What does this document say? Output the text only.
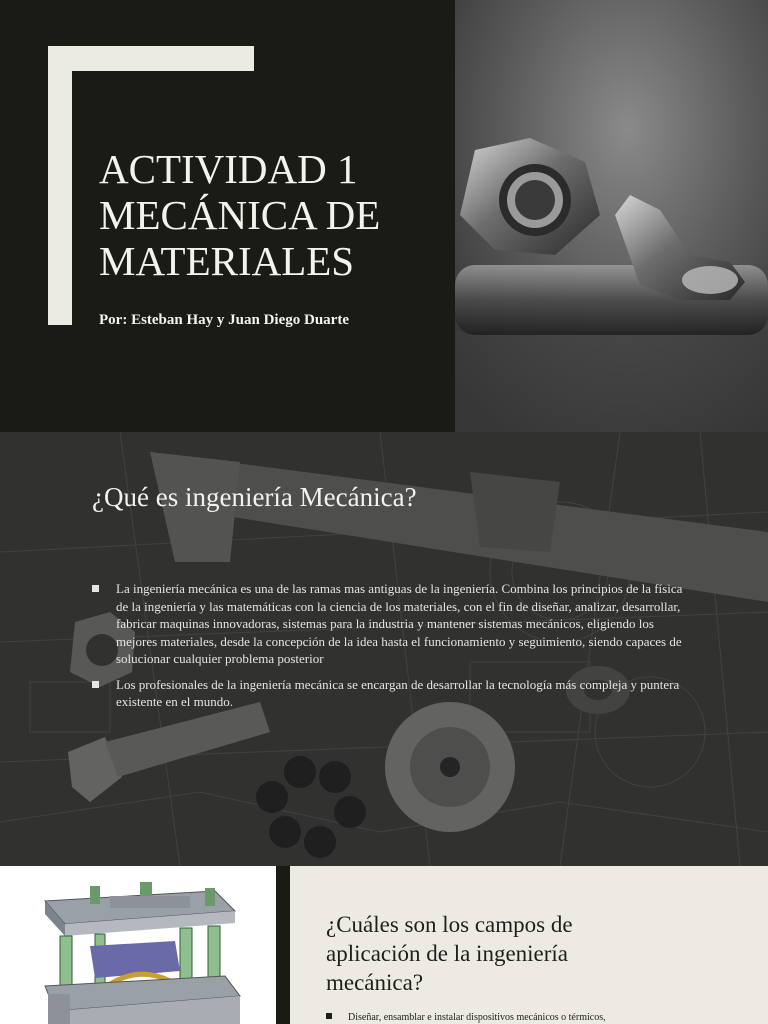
ACTIVIDAD 1
MECÁNICA DE
MATERIALES
Por: Esteban Hay y Juan Diego Duarte
¿Qué es ingeniería Mecánica?
La ingeniería mecánica es una de las ramas mas antiguas de la ingeniería. Combina los principios de la física de la ingeniería y las matemáticas con la ciencia de los materiales, con el fin de diseñar, analizar, desarrollar, fabricar maquinas innovadoras, sistemas para la industria y mantener sistemas mecánicos, eligiendo los mejores materiales, desde la concepción de la idea hasta el funcionamiento y seguimiento, siendo capaces de solucionar cualquier problema posterior
Los profesionales de la ingeniería mecánica se encargan de desarrollar la tecnología más compleja y puntera existente en el mundo.
¿Cuáles son los campos de
aplicación de la ingeniería
mecánica?
Diseñar, ensamblar e instalar dispositivos mecánicos o térmicos,
